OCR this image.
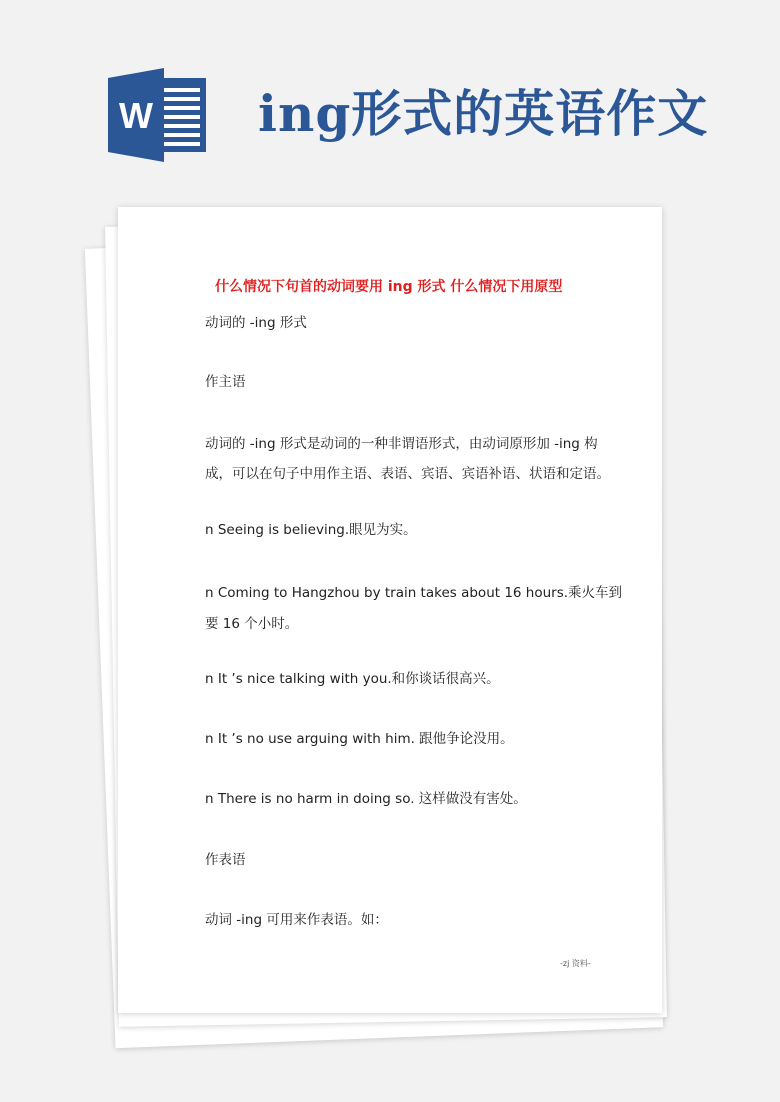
W ing形式的英语作文
什么情况下句首的动词要用 ing 形式 什么情况下用原型
动词的 -ing 形式
作主语
动词的 -ing 形式是动词的一种非谓语形式，由动词原形加 -ing 构
成，可以在句子中用作主语、表语、宾语、宾语补语、状语和定语。
n Seeing is believing.眼见为实。
n Coming to Hangzhou by train takes about 16 hours.乘火车到
要 16 个小时。
n It ’s nice talking with you.和你谈话很高兴。
n It ’s no use arguing with him. 跟他争论没用。
n There is no harm in doing so. 这样做没有害处。
作表语
动词 -ing 可用来作表语。如：
-zj 资料-
